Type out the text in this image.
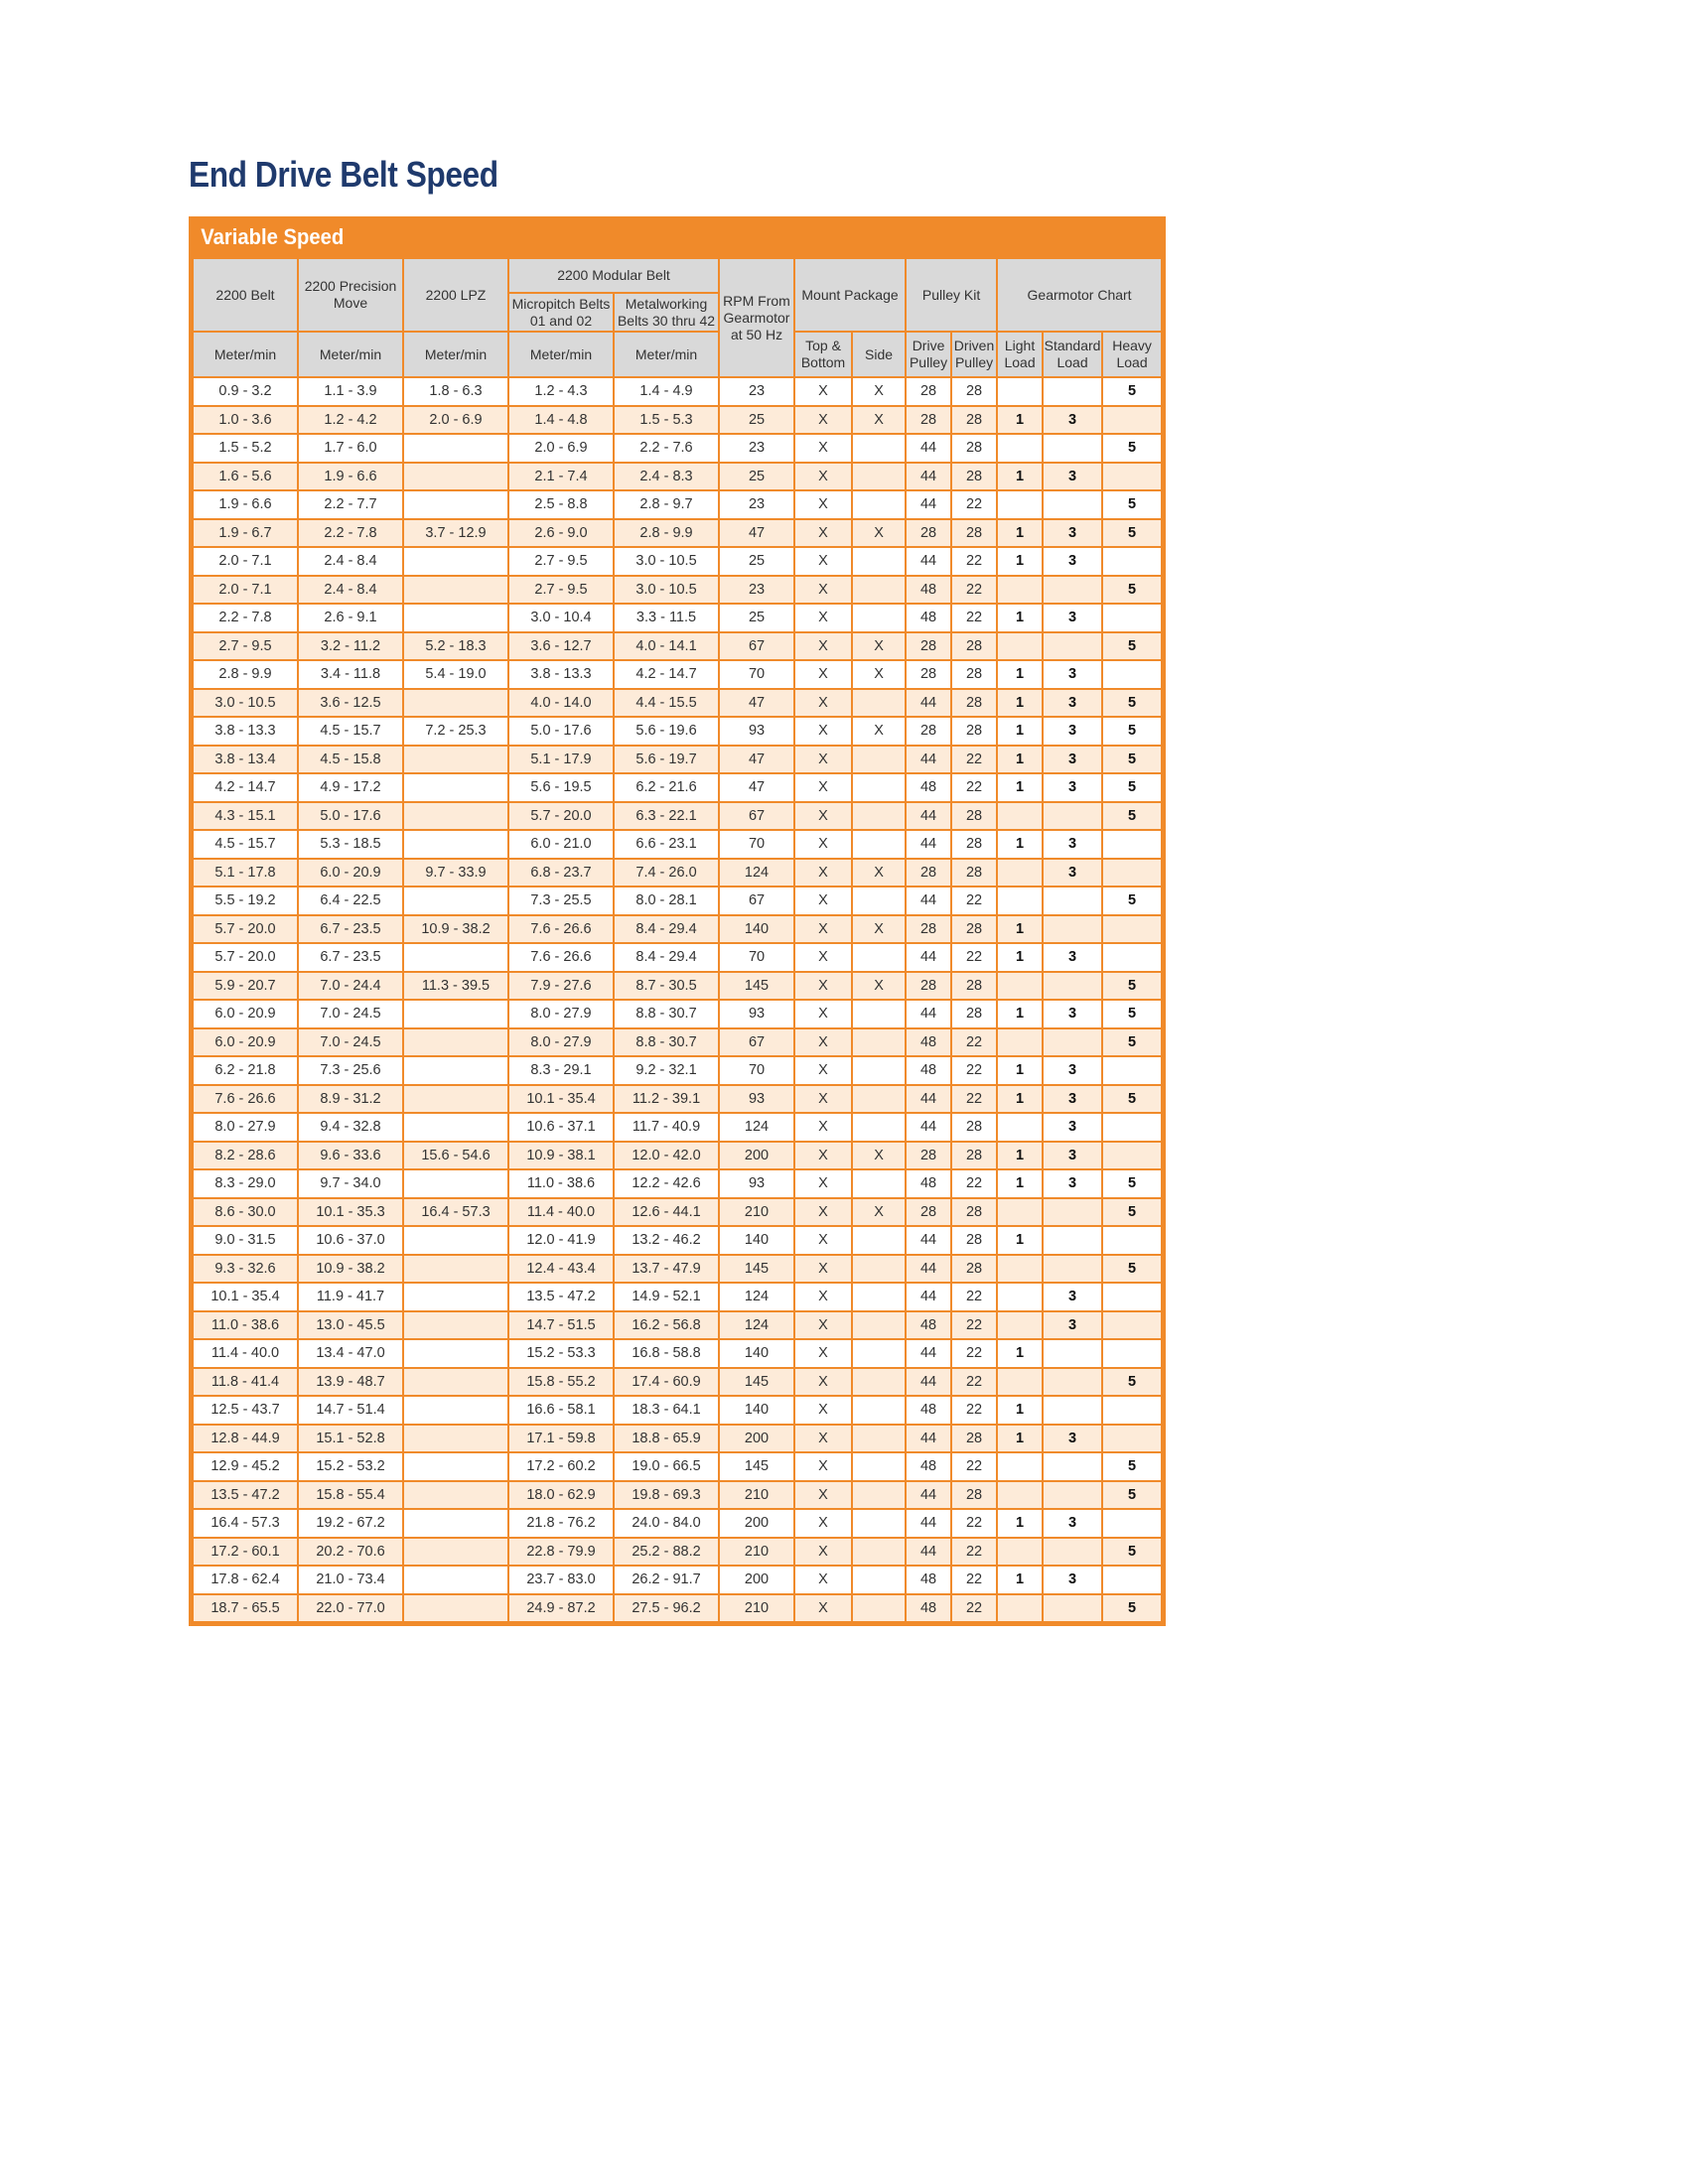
End Drive Belt Speed
Variable Speed
2200 Belt	2200 Precision Move	2200 LPZ	2200 Modular Belt		RPM From Gearmotor at 50 Hz	Mount Package		Pulley Kit		Gearmotor Chart		
			Micropitch Belts 01 and 02	Metalworking Belts 30 thru 42								
Meter/min	Meter/min	Meter/min	Meter/min	Meter/min		Top & Bottom	Side	Drive Pulley	Driven Pulley	Light Load	Standard Load	Heavy Load
0.9 - 3.2	1.1 - 3.9	1.8 - 6.3	1.2 - 4.3	1.4 - 4.9	23	X	X	28	28			5
1.0 - 3.6	1.2 - 4.2	2.0 - 6.9	1.4 - 4.8	1.5 - 5.3	25	X	X	28	28	1	3	
1.5 - 5.2	1.7 - 6.0		2.0 - 6.9	2.2 - 7.6	23	X		44	28			5
1.6 - 5.6	1.9 - 6.6		2.1 - 7.4	2.4 - 8.3	25	X		44	28	1	3	
1.9 - 6.6	2.2 - 7.7		2.5 - 8.8	2.8 - 9.7	23	X		44	22			5
1.9 - 6.7	2.2 - 7.8	3.7 - 12.9	2.6 - 9.0	2.8 - 9.9	47	X	X	28	28	1	3	5
2.0 - 7.1	2.4 - 8.4		2.7 - 9.5	3.0 - 10.5	25	X		44	22	1	3	
2.0 - 7.1	2.4 - 8.4		2.7 - 9.5	3.0 - 10.5	23	X		48	22			5
2.2 - 7.8	2.6 - 9.1		3.0 - 10.4	3.3 - 11.5	25	X		48	22	1	3	
2.7 - 9.5	3.2 - 11.2	5.2 - 18.3	3.6 - 12.7	4.0 - 14.1	67	X	X	28	28			5
2.8 - 9.9	3.4 - 11.8	5.4 - 19.0	3.8 - 13.3	4.2 - 14.7	70	X	X	28	28	1	3	
3.0 - 10.5	3.6 - 12.5		4.0 - 14.0	4.4 - 15.5	47	X		44	28	1	3	5
3.8 - 13.3	4.5 - 15.7	7.2 - 25.3	5.0 - 17.6	5.6 - 19.6	93	X	X	28	28	1	3	5
3.8 - 13.4	4.5 - 15.8		5.1 - 17.9	5.6 - 19.7	47	X		44	22	1	3	5
4.2 - 14.7	4.9 - 17.2		5.6 - 19.5	6.2 - 21.6	47	X		48	22	1	3	5
4.3 - 15.1	5.0 - 17.6		5.7 - 20.0	6.3 - 22.1	67	X		44	28			5
4.5 - 15.7	5.3 - 18.5		6.0 - 21.0	6.6 - 23.1	70	X		44	28	1	3	
5.1 - 17.8	6.0 - 20.9	9.7 - 33.9	6.8 - 23.7	7.4 - 26.0	124	X	X	28	28		3	
5.5 - 19.2	6.4 - 22.5		7.3 - 25.5	8.0 - 28.1	67	X		44	22			5
5.7 - 20.0	6.7 - 23.5	10.9 - 38.2	7.6 - 26.6	8.4 - 29.4	140	X	X	28	28	1		
5.7 - 20.0	6.7 - 23.5		7.6 - 26.6	8.4 - 29.4	70	X		44	22	1	3	
5.9 - 20.7	7.0 - 24.4	11.3 - 39.5	7.9 - 27.6	8.7 - 30.5	145	X	X	28	28			5
6.0 - 20.9	7.0 - 24.5		8.0 - 27.9	8.8 - 30.7	93	X		44	28	1	3	5
6.0 - 20.9	7.0 - 24.5		8.0 - 27.9	8.8 - 30.7	67	X		48	22			5
6.2 - 21.8	7.3 - 25.6		8.3 - 29.1	9.2 - 32.1	70	X		48	22	1	3	
7.6 - 26.6	8.9 - 31.2		10.1 - 35.4	11.2 - 39.1	93	X		44	22	1	3	5
8.0 - 27.9	9.4 - 32.8		10.6 - 37.1	11.7 - 40.9	124	X		44	28		3	
8.2 - 28.6	9.6 - 33.6	15.6 - 54.6	10.9 - 38.1	12.0 - 42.0	200	X	X	28	28	1	3	
8.3 - 29.0	9.7 - 34.0		11.0 - 38.6	12.2 - 42.6	93	X		48	22	1	3	5
8.6 - 30.0	10.1 - 35.3	16.4 - 57.3	11.4 - 40.0	12.6 - 44.1	210	X	X	28	28			5
9.0 - 31.5	10.6 - 37.0		12.0 - 41.9	13.2 - 46.2	140	X		44	28	1		
9.3 - 32.6	10.9 - 38.2		12.4 - 43.4	13.7 - 47.9	145	X		44	28			5
10.1 - 35.4	11.9 - 41.7		13.5 - 47.2	14.9 - 52.1	124	X		44	22		3	
11.0 - 38.6	13.0 - 45.5		14.7 - 51.5	16.2 - 56.8	124	X		48	22		3	
11.4 - 40.0	13.4 - 47.0		15.2 - 53.3	16.8 - 58.8	140	X		44	22	1		
11.8 - 41.4	13.9 - 48.7		15.8 - 55.2	17.4 - 60.9	145	X		44	22			5
12.5 - 43.7	14.7 - 51.4		16.6 - 58.1	18.3 - 64.1	140	X		48	22	1		
12.8 - 44.9	15.1 - 52.8		17.1 - 59.8	18.8 - 65.9	200	X		44	28	1	3	
12.9 - 45.2	15.2 - 53.2		17.2 - 60.2	19.0 - 66.5	145	X		48	22			5
13.5 - 47.2	15.8 - 55.4		18.0 - 62.9	19.8 - 69.3	210	X		44	28			5
16.4 - 57.3	19.2 - 67.2		21.8 - 76.2	24.0 - 84.0	200	X		44	22	1	3	
17.2 - 60.1	20.2 - 70.6		22.8 - 79.9	25.2 - 88.2	210	X		44	22			5
17.8 - 62.4	21.0 - 73.4		23.7 - 83.0	26.2 - 91.7	200	X		48	22	1	3	
18.7 - 65.5	22.0 - 77.0		24.9 - 87.2	27.5 - 96.2	210	X		48	22			5
